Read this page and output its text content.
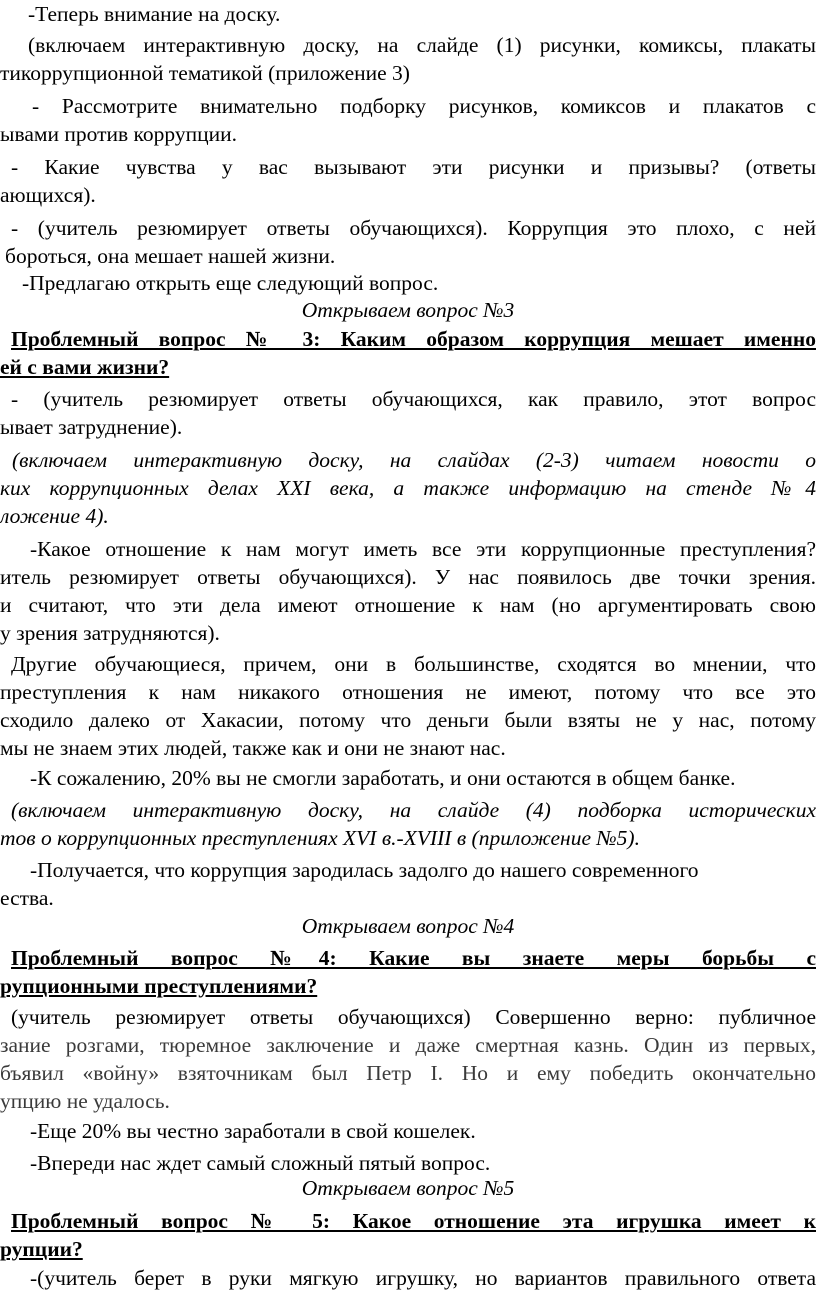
-Теперь внимание на доску.
(включаем интерактивную доску, на слайде (1) рисунки, комиксы, плакаты
тикоррупционной тематикой (приложение 3)
- Рассмотрите внимательно подборку рисунков, комиксов и плакатов с
ывами против коррупции.
- Какие чувства у вас вызывают эти рисунки и призывы? (ответы
ающихся).
- (учитель резюмирует ответы обучающихся). Коррупция это плохо, с ней
бороться, она мешает нашей жизни.
-Предлагаю открыть еще следующий вопрос.
Открываем вопрос №3
Проблемный вопрос № 3: Каким образом коррупция мешает именно
ей с вами жизни?
- (учитель резюмирует ответы обучающихся, как правило, этот вопрос
ывает затруднение).
(включаем интерактивную доску, на слайдах (2-3) читаем новости о
ких коррупционных делах XXI века, а также информацию на стенде №4
ложение 4).
-Какое отношение к нам могут иметь все эти коррупционные преступления?
итель резюмирует ответы обучающихся). У нас появилось две точки зрения.
и считают, что эти дела имеют отношение к нам (но аргументировать свою
у зрения затрудняются).
Другие обучающиеся, причем, они в большинстве, сходятся во мнении, что
преступления к нам никакого отношения не имеют, потому что все это
сходило далеко от Хакасии, потому что деньги были взяты не у нас, потому
мы не знаем этих людей, также как и они не знают нас.
-К сожалению, 20% вы не смогли заработать, и они остаются в общем банке.
(включаем интерактивную доску, на слайде (4) подборка исторических
тов о коррупционных преступлениях XVI в.-XVIII в (приложение №5).
-Получается, что коррупция зародилась задолго до нашего современного
ества.
Открываем вопрос №4
Проблемный вопрос №4: Какие вы знаете меры борьбы с
рупционными преступлениями?
(учитель резюмирует ответы обучающихся) Совершенно верно: публичное
зание розгами, тюремное заключение и даже смертная казнь. Один из первых,
бъявил «войну» взяточникам был Петр I. Но и ему победить окончательно
упцию не удалось.
-Еще 20% вы честно заработали в свой кошелек.
-Впереди нас ждет самый сложный пятый вопрос.
Открываем вопрос №5
Проблемный вопрос № 5: Какое отношение эта игрушка имеет к
рупции?
-(учитель берет в руки мягкую игрушку, но вариантов правильного ответа
